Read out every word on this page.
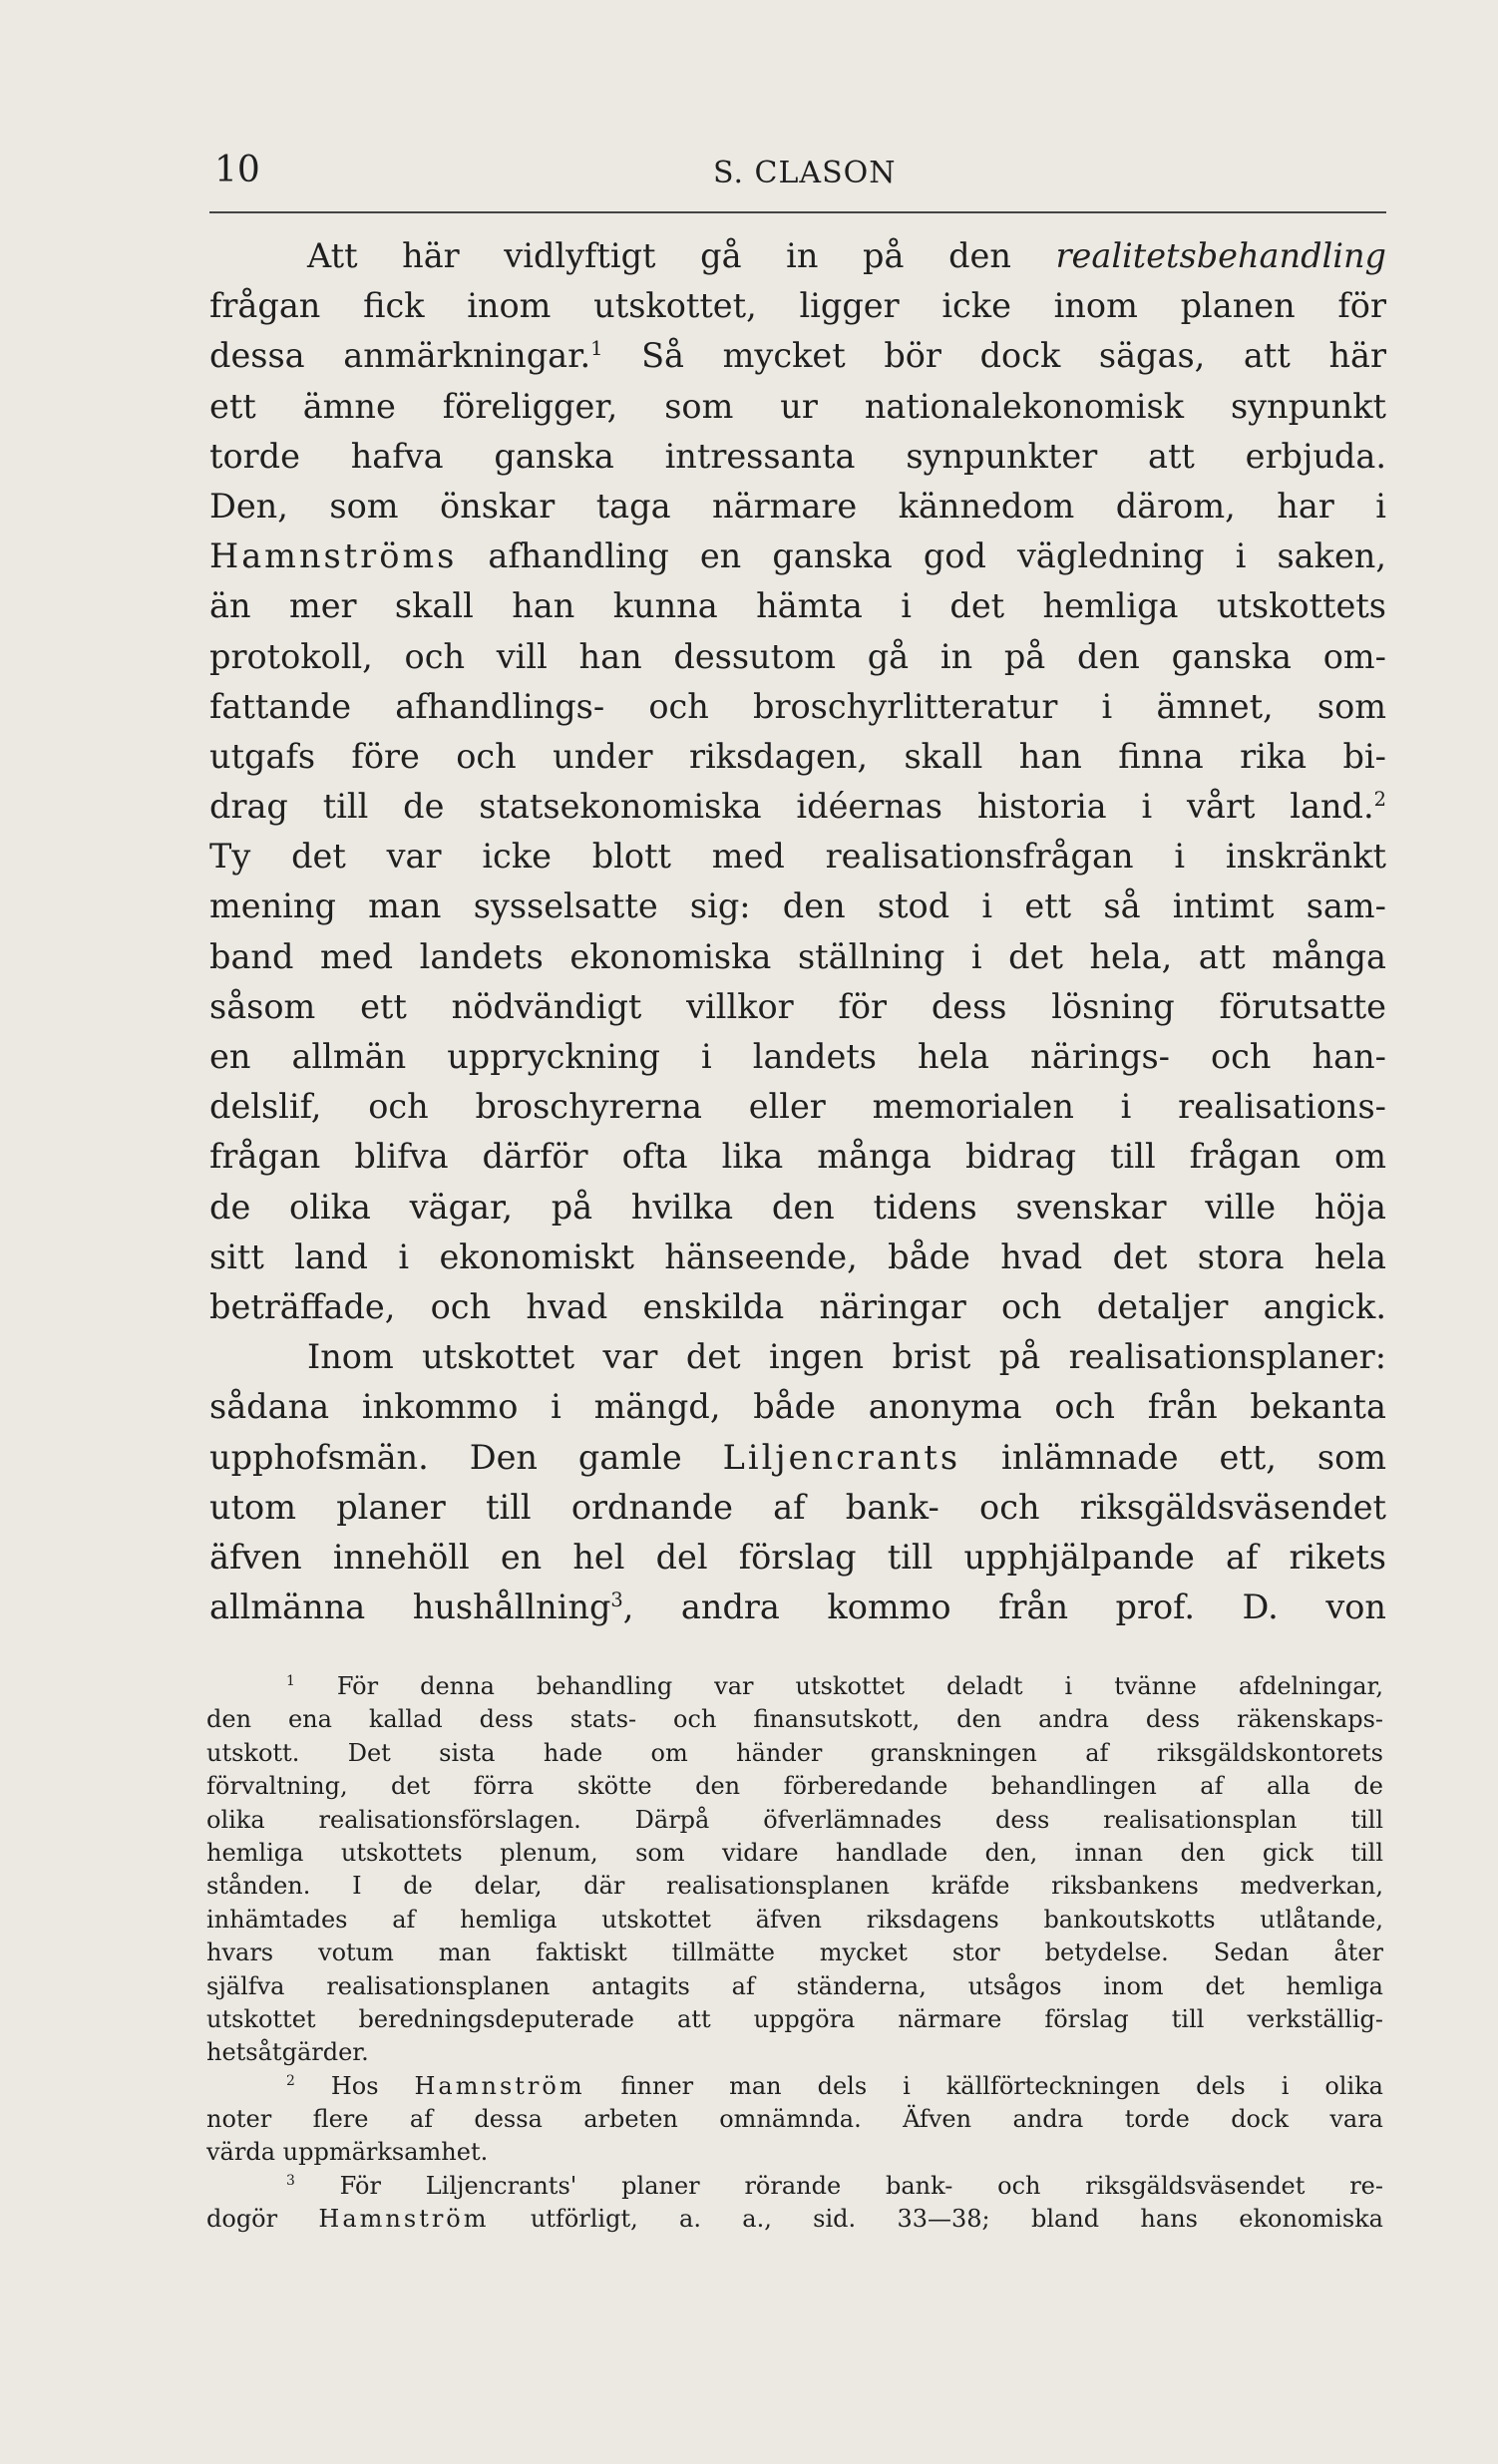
10	S. CLASON
Att här vidlyftigt gå in på den realitetsbehandling
frågan fick inom utskottet, ligger icke inom planen för
dessa anmärkningar.$^1$ Så mycket bör dock sägas, att här
ett ämne föreligger, som ur nationalekonomisk synpunkt
torde hafva ganska intressanta synpunkter att erbjuda.
Den, som önskar taga närmare kännedom därom, har i
Hamnströms afhandling en ganska god vägledning i saken,
än mer skall han kunna hämta i det hemliga utskottets
protokoll, och vill han dessutom gå in på den ganska om-
fattande afhandlings- och broschyrlitteratur i ämnet, som
utgafs före och under riksdagen, skall han finna rika bi-
drag till de statsekonomiska idéernas historia i vårt land.$^2$
Ty det var icke blott med realisationsfrågan i inskränkt
mening man sysselsatte sig: den stod i ett så intimt sam-
band med landets ekonomiska ställning i det hela, att många
såsom ett nödvändigt villkor för dess lösning förutsatte
en allmän uppryckning i landets hela närings- och han-
delslif, och broschyrerna eller memorialen i realisations-
frågan blifva därför ofta lika många bidrag till frågan om
de olika vägar, på hvilka den tidens svenskar ville höja
sitt land i ekonomiskt hänseende, både hvad det stora hela
beträffade, och hvad enskilda näringar och detaljer angick.
Inom utskottet var det ingen brist på realisationsplaner:
sådana inkommo i mängd, både anonyma och från bekanta
upphofsmän. Den gamle Liljencrants inlämnade ett, som
utom planer till ordnande af bank- och riksgäldsväsendet
äfven innehöll en hel del förslag till upphjälpande af rikets
allmänna hushållning$^3$, andra kommo från prof. D. von
$^1$ För denna behandling var utskottet deladt i tvänne afdelningar,
den ena kallad dess stats- och finansutskott, den andra dess räkenskaps-
utskott. Det sista hade om händer granskningen af riksgäldskontorets
förvaltning, det förra skötte den förberedande behandlingen af alla de
olika realisationsförslagen. Därpå öfverlämnades dess realisationsplan till
hemliga utskottets plenum, som vidare handlade den, innan den gick till
stånden. I de delar, där realisationsplanen kräfde riksbankens medverkan,
inhämtades af hemliga utskottet äfven riksdagens bankoutskotts utlåtande,
hvars votum man faktiskt tillmätte mycket stor betydelse. Sedan åter
själfva realisationsplanen antagits af ständerna, utsågos inom det hemliga
utskottet beredningsdeputerade att uppgöra närmare förslag till verkställig-
hetsåtgärder.
$^2$ Hos Hamnström finner man dels i källförteckningen dels i olika
noter flere af dessa arbeten omnämnda. Äfven andra torde dock vara
värda uppmärksamhet.
$^3$ För Liljencrants' planer rörande bank- och riksgäldsväsendet re-
dogör Hamnström utförligt, a. a., sid. 33—38; bland hans ekonomiska
